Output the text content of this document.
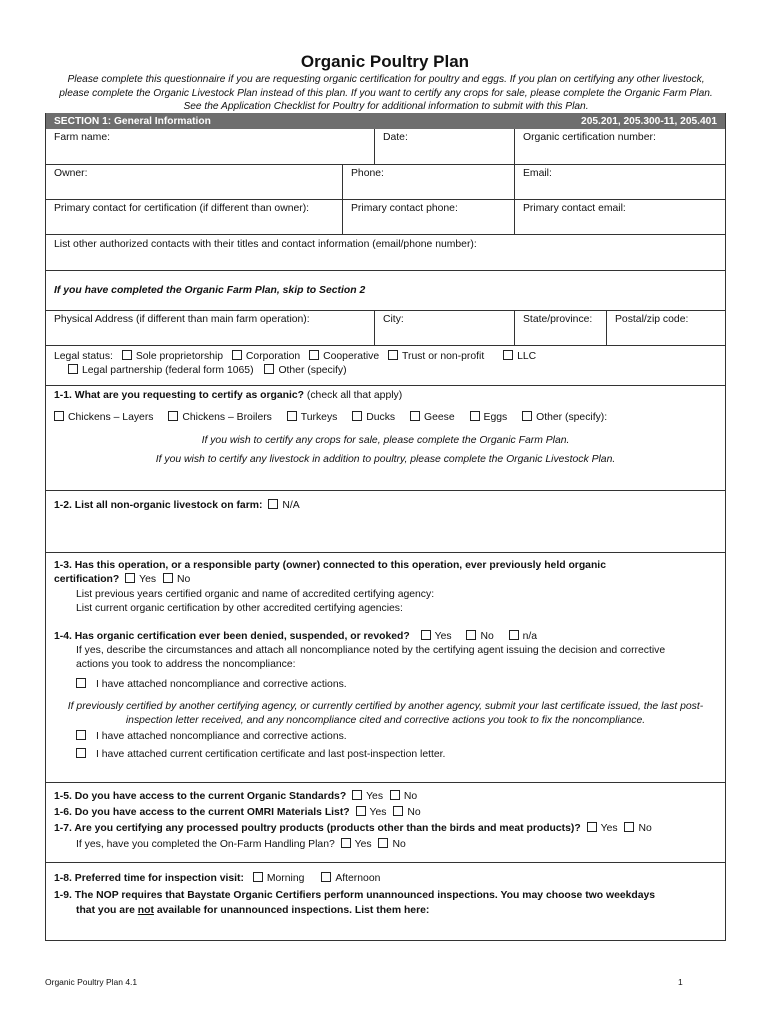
Organic Poultry Plan
Please complete this questionnaire if you are requesting organic certification for poultry and eggs. If you plan on certifying any other livestock, please complete the Organic Livestock Plan instead of this plan. If you want to certify any crops for sale, please complete the Organic Farm Plan. See the Application Checklist for Poultry for additional information to submit with this Plan.
SECTION 1: General Information	205.201, 205.300-11, 205.401
Farm name:	Date:	Organic certification number:
Owner:	Phone:	Email:
Primary contact for certification (if different than owner):	Primary contact phone:	Primary contact email:
List other authorized contacts with their titles and contact information (email/phone number):
If you have completed the Organic Farm Plan, skip to Section 2
Physical Address (if different than main farm operation):	City:	State/province:	Postal/zip code:
Legal status: Sole proprietorship Corporation Cooperative Trust or non-profit	LLC
Legal partnership (federal form 1065) Other (specify)
1-1. What are you requesting to certify as organic? (check all that apply)
Chickens – Layers	Chickens – Broilers	Turkeys	Ducks	Geese	Eggs	Other (specify):
If you wish to certify any crops for sale, please complete the Organic Farm Plan.
If you wish to certify any livestock in addition to poultry, please complete the Organic Livestock Plan.
1-2. List all non-organic livestock on farm: N/A
1-3. Has this operation, or a responsible party (owner) connected to this operation, ever previously held organic certification? Yes No
List previous years certified organic and name of accredited certifying agency:
List current organic certification by other accredited certifying agencies:
1-4. Has organic certification ever been denied, suspended, or revoked? Yes	No	n/a
If yes, describe the circumstances and attach all noncompliance noted by the certifying agent issuing the decision and corrective actions you took to address the noncompliance:
I have attached noncompliance and corrective actions.
If previously certified by another certifying agency, or currently certified by another agency, submit your last certificate issued, the last post-inspection letter received, and any noncompliance cited and corrective actions you took to fix the noncompliance.
I have attached noncompliance and corrective actions.
I have attached current certification certificate and last post-inspection letter.
1-5. Do you have access to the current Organic Standards? Yes No
1-6. Do you have access to the current OMRI Materials List? Yes No
1-7. Are you certifying any processed poultry products (products other than the birds and meat products)? Yes No
If yes, have you completed the On-Farm Handling Plan? Yes No
1-8. Preferred time for inspection visit: Morning	Afternoon
1-9. The NOP requires that Baystate Organic Certifiers perform unannounced inspections. You may choose two weekdays
that you are not available for unannounced inspections. List them here:
Organic Poultry Plan 4.1	1
